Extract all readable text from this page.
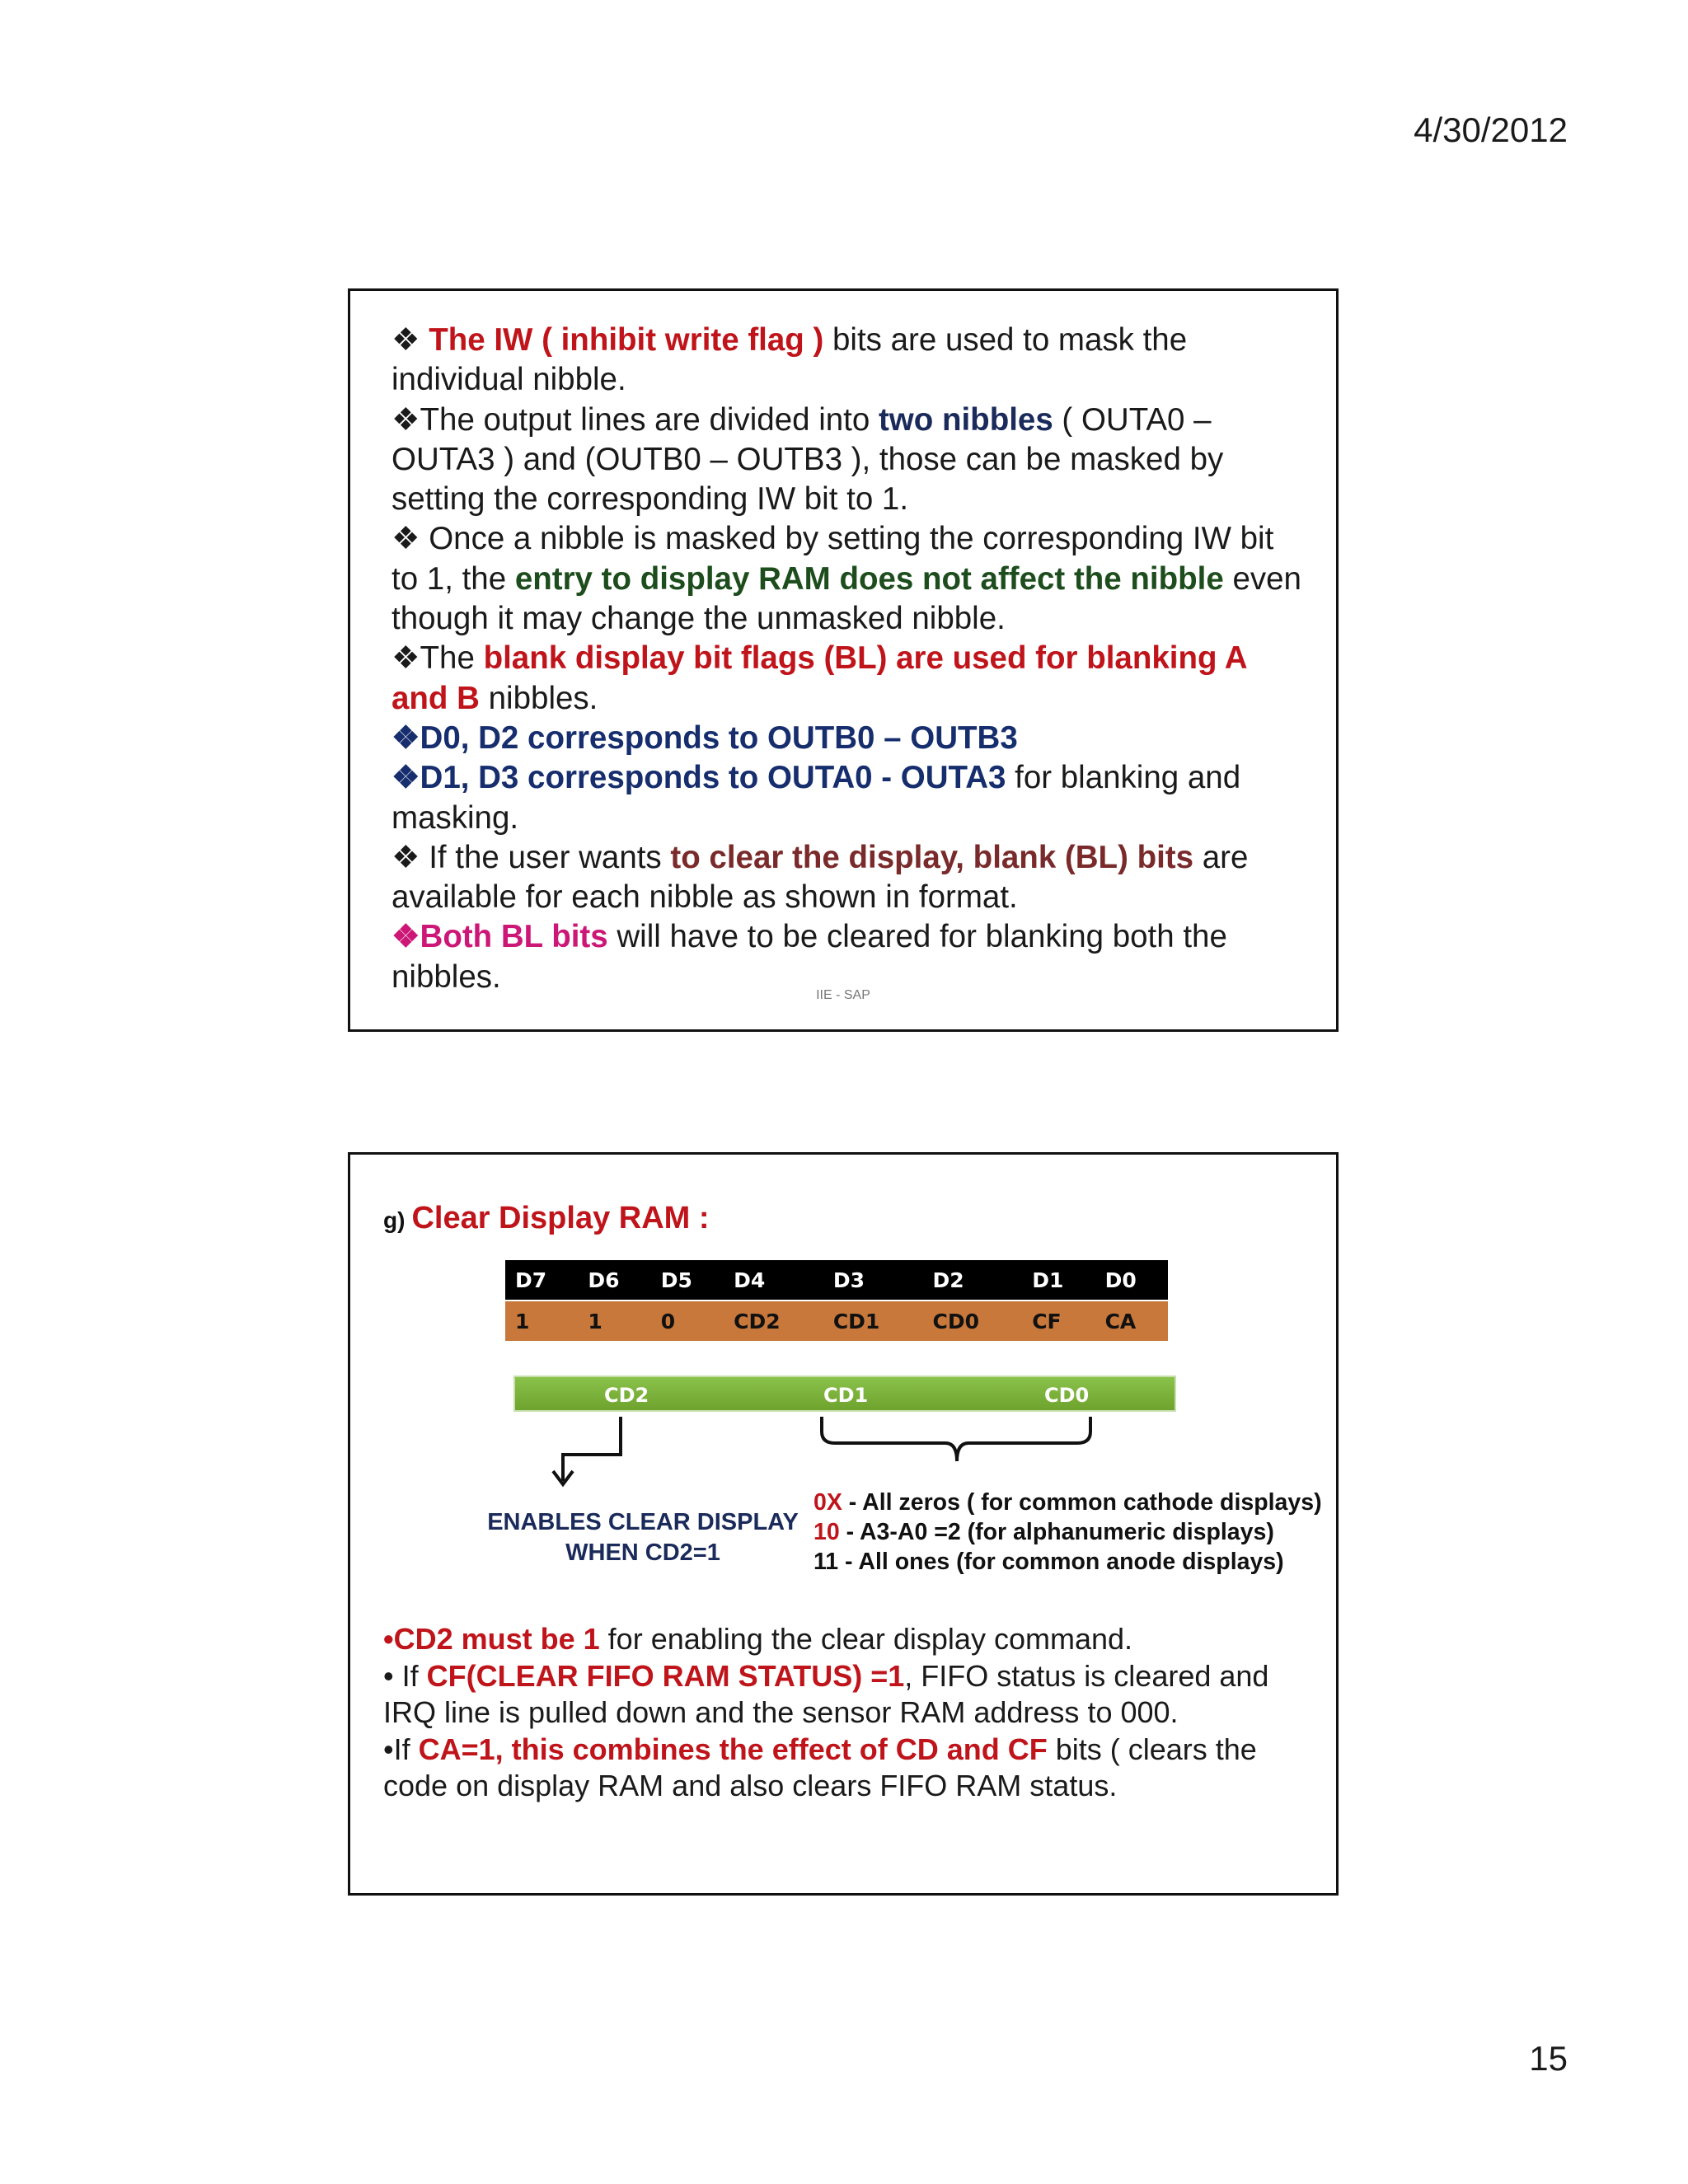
4/30/2012

❖ The IW ( inhibit write flag ) bits are used to mask the individual nibble.

❖The output lines are divided into two nibbles ( OUTA0 – OUTA3 ) and (OUTB0 – OUTB3 ), those can be masked by setting the corresponding IW bit to 1.

❖ Once a nibble is masked by setting the corresponding IW bit to 1, the entry to display RAM does not affect the nibble even though it may change the unmasked nibble.

❖The blank display bit flags (BL) are used for blanking A and B nibbles.

❖D0, D2 corresponds to OUTB0 – OUTB3

❖D1, D3 corresponds to OUTA0 - OUTA3 for blanking and masking.

❖ If the user wants to clear the display, blank (BL) bits are available for each nibble as shown in format.

❖Both BL bits will have to be cleared for blanking both the nibbles.

IIE - SAP
g) Clear Display RAM :
D7	D6	D5	D4	D3	D2	D1	D0
1	1	0	CD2	CD1	CD0	CF	CA
CD2	CD1	CD0
ENABLES CLEAR DISPLAY WHEN CD2=1
0X - All zeros ( for common cathode displays)
10 - A3-A0 =2 (for alphanumeric displays)
11 - All ones (for common anode displays)

•CD2 must be 1 for enabling the clear display command.

• If CF(CLEAR FIFO RAM STATUS) =1, FIFO status is cleared and IRQ line is pulled down and the sensor RAM address to 000.

•If CA=1, this combines the effect of CD and CF bits ( clears the code on display RAM and also clears FIFO RAM status.

15
